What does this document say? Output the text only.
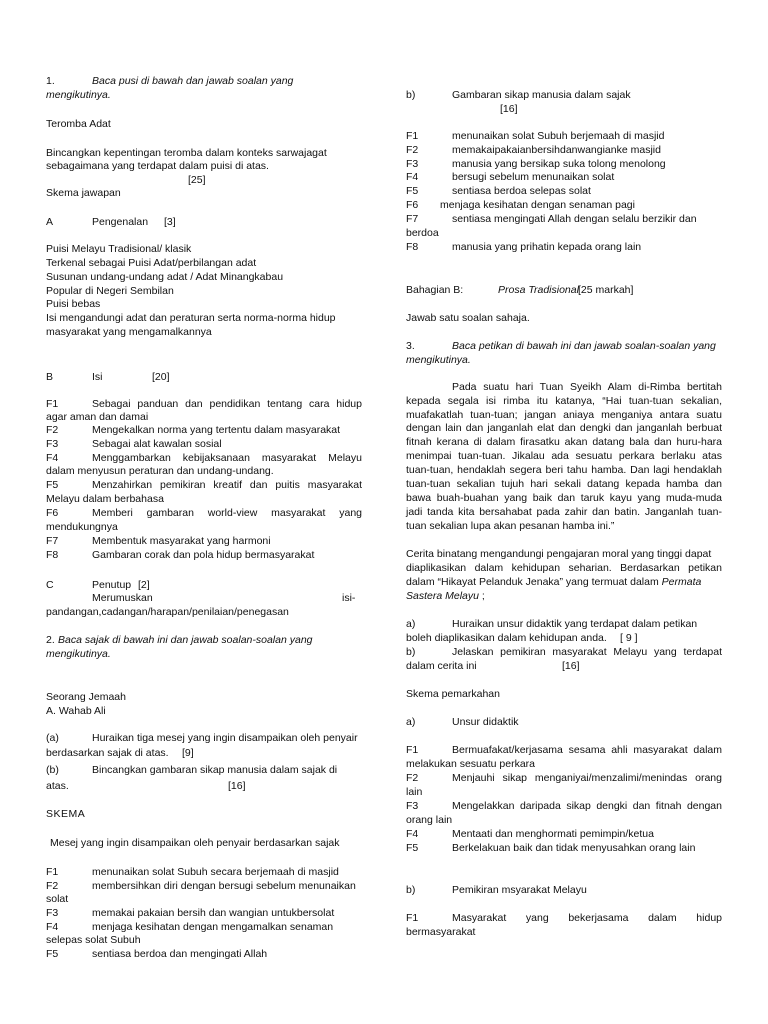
1.	Baca pusi di bawah dan jawab soalan yang
mengikutinya.
Teromba Adat
Bincangkan kepentingan teromba dalam konteks sarwajagat
sebagaimana yang terdapat dalam puisi di atas.
[25]
Skema jawapan
A	Pengenalan [3]
Puisi Melayu Tradisional/ klasik
Terkenal sebagai Puisi Adat/perbilangan adat
Susunan undang-undang adat / Adat Minangkabau
Popular di Negeri Sembilan
Puisi bebas
Isi mengandungi adat dan peraturan serta norma-norma hidup
masyarakat yang mengamalkannya
B	Isi	[20]
F1	Sebagai panduan dan pendidikan tentang cara hidup
agar aman dan damai
F2	Mengekalkan norma yang tertentu dalam masyarakat
F3	Sebagai alat kawalan sosial
F4	Menggambarkan kebijaksanaan masyarakat Melayu
dalam menyusun peraturan dan undang-undang.
F5	Menzahirkan pemikiran kreatif dan puitis masyarakat
Melayu dalam berbahasa
F6	Memberi gambaran world-view masyarakat yang
mendukungnya
F7	Membentuk masyarakat yang harmoni
F8	Gambaran corak dan pola hidup bermasyarakat
C	Penutup [2]
Merumuskan	isi-
pandangan,cadangan/harapan/penilaian/penegasan
2. Baca sajak di bawah ini dan jawab soalan-soalan yang
mengikutinya.
Seorang Jemaah
A. Wahab Ali
(a)	Huraikan tiga mesej yang ingin disampaikan oleh penyair
berdasarkan sajak di atas. [9]
(b)	Bincangkan gambaran sikap manusia dalam sajak di
atas.	[16]
SKEMA
Mesej yang ingin disampaikan oleh penyair berdasarkan sajak
F1	menunaikan solat Subuh secara berjemaah di masjid
F2	membersihkan diri dengan bersugi sebelum menunaikan
solat
F3	memakai pakaian bersih dan wangian untukbersolat
F4	menjaga kesihatan dengan mengamalkan senaman
selepas solat Subuh
F5	sentiasa berdoa dan mengingati Allah
b)	Gambaran sikap manusia dalam sajak
[16]
F1	menunaikan solat Subuh berjemaah di masjid
F2	memakaipakaianbersihdanwangianke masjid
F3	manusia yang bersikap suka tolong menolong
F4	bersugi sebelum menunaikan solat
F5	sentiasa berdoa selepas solat
F6 menjaga kesihatan dengan senaman pagi
F7	sentiasa mengingati Allah dengan selalu berzikir dan
berdoa
F8	manusia yang prihatin kepada orang lain
Bahagian B:	Prosa Tradisional [25 markah]
Jawab satu soalan sahaja.
3.	Baca petikan di bawah ini dan jawab soalan-soalan yang
mengikutinya.
Pada suatu hari Tuan Syeikh Alam di-Rimba bertitah
kepada segala isi rimba itu katanya, “Hai tuan-tuan sekalian,
muafakatlah tuan-tuan; jangan aniaya menganiya antara suatu
dengan lain dan janganlah elat dan dengki dan janganlah berbuat
fitnah kerana di dalam firasatku akan datang bala dan huru-hara
menimpai tuan-tuan. Jikalau ada sesuatu perkara berlaku atas
tuan-tuan, hendaklah segera beri tahu hamba. Dan lagi hendaklah
tuan-tuan sekalian tujuh hari sekali datang kepada hamba dan
bawa buah-buahan yang baik dan taruk kayu yang muda-muda
jadi tanda kita bersahabat pada zahir dan batin. Janganlah tuan-
tuan sekalian lupa akan pesanan hamba ini.”
Cerita binatang mengandungi pengajaran moral yang tinggi dapat
diaplikasikan dalam kehidupan seharian. Berdasarkan petikan
dalam “Hikayat Pelanduk Jenaka” yang termuat dalam Permata
Sastera Melayu ;
a)	Huraikan unsur didaktik yang terdapat dalam petikan
boleh diaplikasikan dalam kehidupan anda. [ 9 ]
b)	Jelaskan pemikiran masyarakat Melayu yang terdapat
dalam cerita ini	[16]
Skema pemarkahan
a)	Unsur didaktik
F1	Bermuafakat/kerjasama sesama ahli masyarakat dalam
melakukan sesuatu perkara
F2	Menjauhi sikap menganiyai/menzalimi/menindas orang
lain
F3	Mengelakkan daripada sikap dengki dan fitnah dengan
orang lain
F4	Mentaati dan menghormati pemimpin/ketua
F5	Berkelakuan baik dan tidak menyusahkan orang lain
b)	Pemikiran msyarakat Melayu
F1	Masyarakat yang bekerjasama dalam hidup
bermasyarakat
